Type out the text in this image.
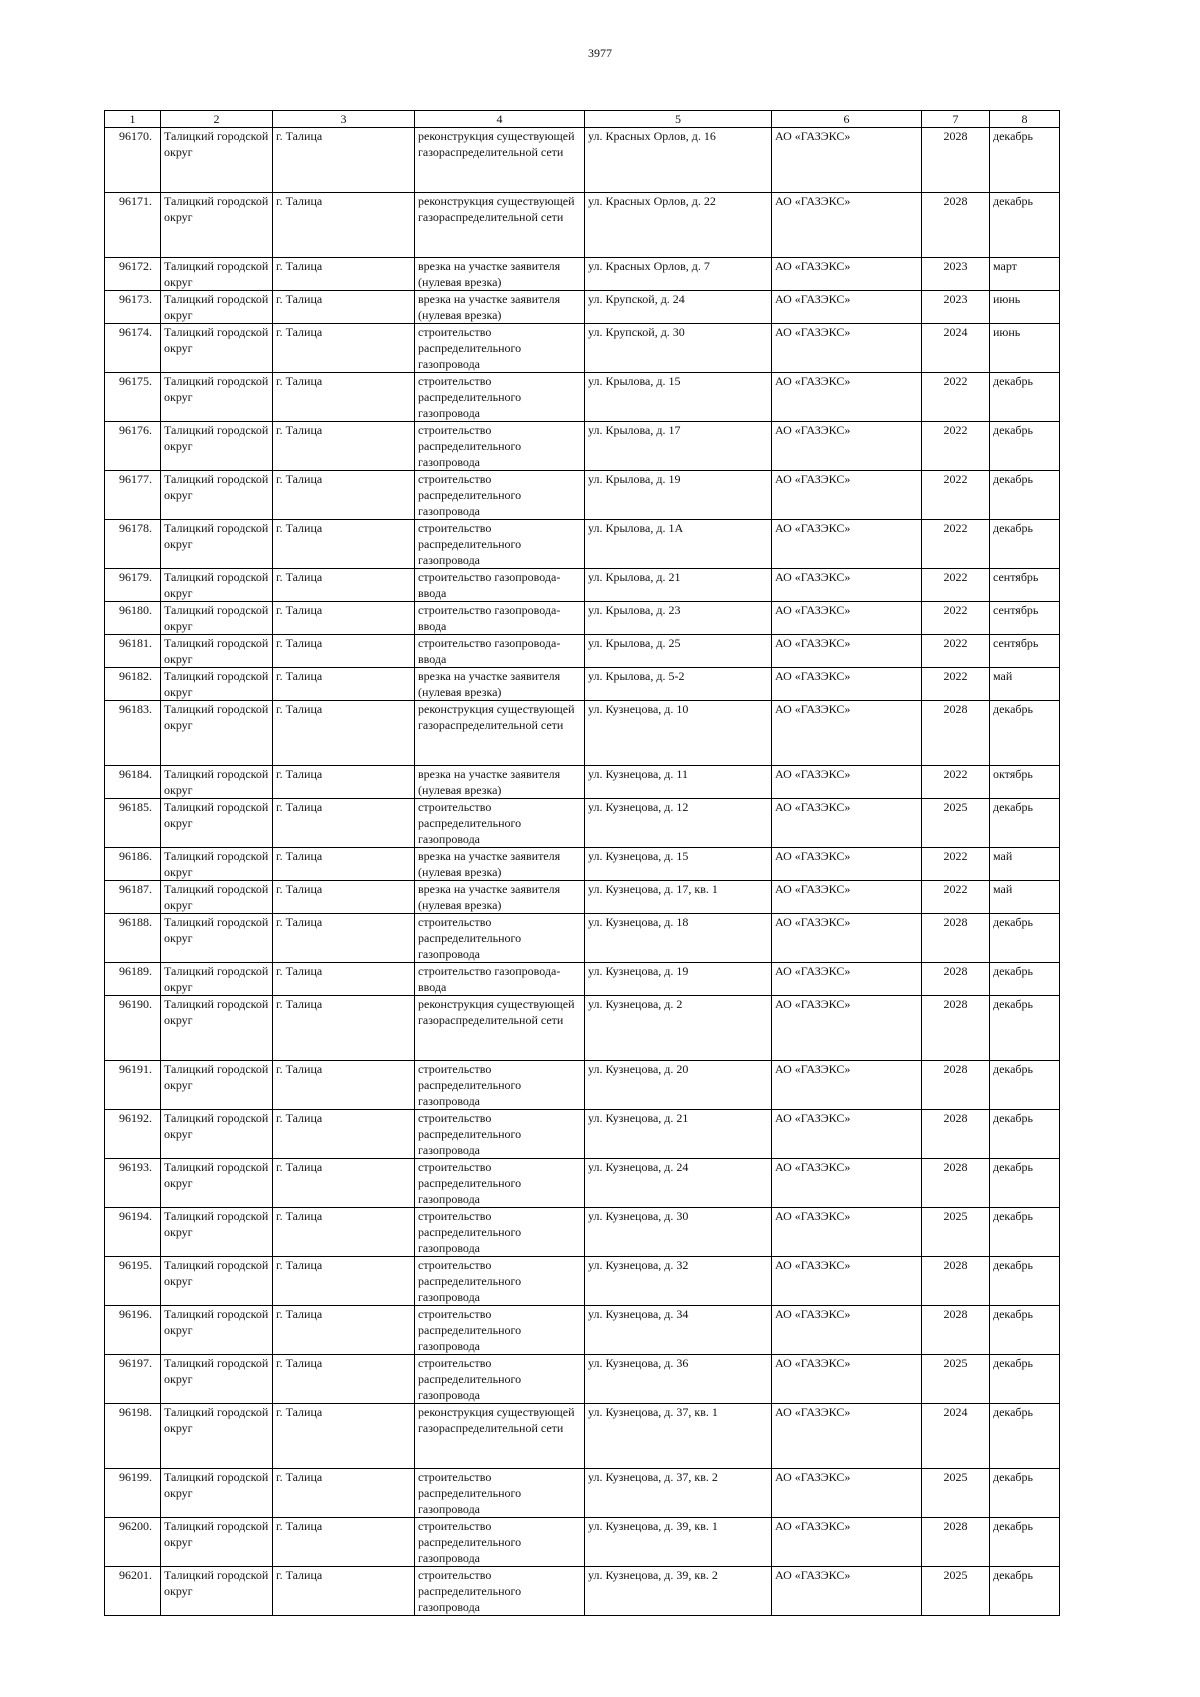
3977
1	2	3	4	5	6	7	8
96170.	Талицкий городской округ	г. Талица	реконструкция существующей газораспределительной сети	ул. Красных Орлов, д. 16	АО «ГАЗЭКС»	2028	декабрь
96171.	Талицкий городской округ	г. Талица	реконструкция существующей газораспределительной сети	ул. Красных Орлов, д. 22	АО «ГАЗЭКС»	2028	декабрь
96172.	Талицкий городской округ	г. Талица	врезка на участке заявителя (нулевая врезка)	ул. Красных Орлов, д. 7	АО «ГАЗЭКС»	2023	март
96173.	Талицкий городской округ	г. Талица	врезка на участке заявителя (нулевая врезка)	ул. Крупской, д. 24	АО «ГАЗЭКС»	2023	июнь
96174.	Талицкий городской округ	г. Талица	строительство распределительного газопровода	ул. Крупской, д. 30	АО «ГАЗЭКС»	2024	июнь
96175.	Талицкий городской округ	г. Талица	строительство распределительного газопровода	ул. Крылова, д. 15	АО «ГАЗЭКС»	2022	декабрь
96176.	Талицкий городской округ	г. Талица	строительство распределительного газопровода	ул. Крылова, д. 17	АО «ГАЗЭКС»	2022	декабрь
96177.	Талицкий городской округ	г. Талица	строительство распределительного газопровода	ул. Крылова, д. 19	АО «ГАЗЭКС»	2022	декабрь
96178.	Талицкий городской округ	г. Талица	строительство распределительного газопровода	ул. Крылова, д. 1А	АО «ГАЗЭКС»	2022	декабрь
96179.	Талицкий городской округ	г. Талица	строительство газопровода-ввода	ул. Крылова, д. 21	АО «ГАЗЭКС»	2022	сентябрь
96180.	Талицкий городской округ	г. Талица	строительство газопровода-ввода	ул. Крылова, д. 23	АО «ГАЗЭКС»	2022	сентябрь
96181.	Талицкий городской округ	г. Талица	строительство газопровода-ввода	ул. Крылова, д. 25	АО «ГАЗЭКС»	2022	сентябрь
96182.	Талицкий городской округ	г. Талица	врезка на участке заявителя (нулевая врезка)	ул. Крылова, д. 5-2	АО «ГАЗЭКС»	2022	май
96183.	Талицкий городской округ	г. Талица	реконструкция существующей газораспределительной сети	ул. Кузнецова, д. 10	АО «ГАЗЭКС»	2028	декабрь
96184.	Талицкий городской округ	г. Талица	врезка на участке заявителя (нулевая врезка)	ул. Кузнецова, д. 11	АО «ГАЗЭКС»	2022	октябрь
96185.	Талицкий городской округ	г. Талица	строительство распределительного газопровода	ул. Кузнецова, д. 12	АО «ГАЗЭКС»	2025	декабрь
96186.	Талицкий городской округ	г. Талица	врезка на участке заявителя (нулевая врезка)	ул. Кузнецова, д. 15	АО «ГАЗЭКС»	2022	май
96187.	Талицкий городской округ	г. Талица	врезка на участке заявителя (нулевая врезка)	ул. Кузнецова, д. 17, кв. 1	АО «ГАЗЭКС»	2022	май
96188.	Талицкий городской округ	г. Талица	строительство распределительного газопровода	ул. Кузнецова, д. 18	АО «ГАЗЭКС»	2028	декабрь
96189.	Талицкий городской округ	г. Талица	строительство газопровода-ввода	ул. Кузнецова, д. 19	АО «ГАЗЭКС»	2028	декабрь
96190.	Талицкий городской округ	г. Талица	реконструкция существующей газораспределительной сети	ул. Кузнецова, д. 2	АО «ГАЗЭКС»	2028	декабрь
96191.	Талицкий городской округ	г. Талица	строительство распределительного газопровода	ул. Кузнецова, д. 20	АО «ГАЗЭКС»	2028	декабрь
96192.	Талицкий городской округ	г. Талица	строительство распределительного газопровода	ул. Кузнецова, д. 21	АО «ГАЗЭКС»	2028	декабрь
96193.	Талицкий городской округ	г. Талица	строительство распределительного газопровода	ул. Кузнецова, д. 24	АО «ГАЗЭКС»	2028	декабрь
96194.	Талицкий городской округ	г. Талица	строительство распределительного газопровода	ул. Кузнецова, д. 30	АО «ГАЗЭКС»	2025	декабрь
96195.	Талицкий городской округ	г. Талица	строительство распределительного газопровода	ул. Кузнецова, д. 32	АО «ГАЗЭКС»	2028	декабрь
96196.	Талицкий городской округ	г. Талица	строительство распределительного газопровода	ул. Кузнецова, д. 34	АО «ГАЗЭКС»	2028	декабрь
96197.	Талицкий городской округ	г. Талица	строительство распределительного газопровода	ул. Кузнецова, д. 36	АО «ГАЗЭКС»	2025	декабрь
96198.	Талицкий городской округ	г. Талица	реконструкция существующей газораспределительной сети	ул. Кузнецова, д. 37, кв. 1	АО «ГАЗЭКС»	2024	декабрь
96199.	Талицкий городской округ	г. Талица	строительство распределительного газопровода	ул. Кузнецова, д. 37, кв. 2	АО «ГАЗЭКС»	2025	декабрь
96200.	Талицкий городской округ	г. Талица	строительство распределительного газопровода	ул. Кузнецова, д. 39, кв. 1	АО «ГАЗЭКС»	2028	декабрь
96201.	Талицкий городской округ	г. Талица	строительство распределительного газопровода	ул. Кузнецова, д. 39, кв. 2	АО «ГАЗЭКС»	2025	декабрь
